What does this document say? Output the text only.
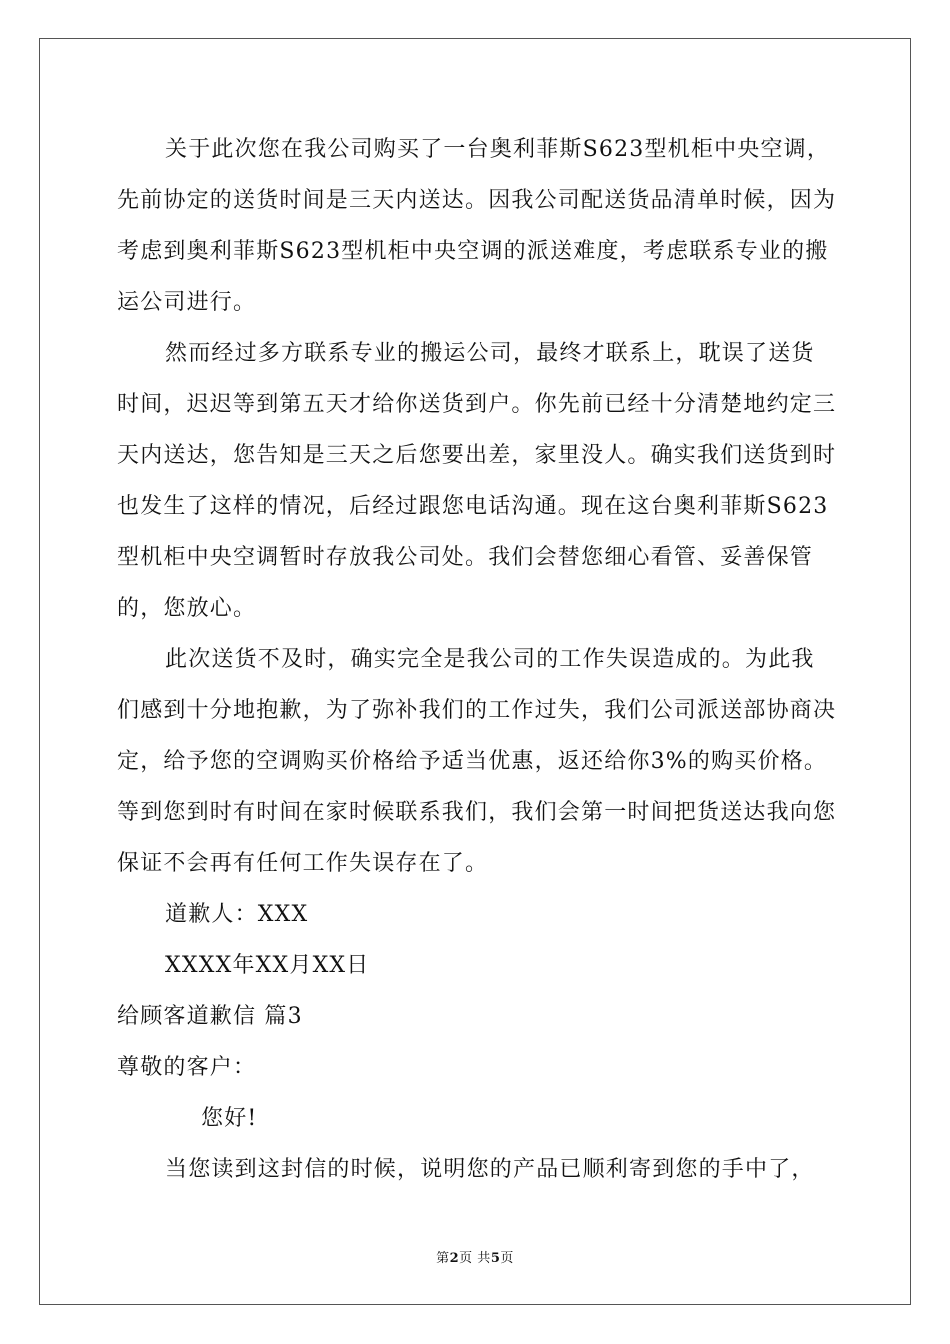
关于此次您在我公司购买了一台奥利菲斯S623型机柜中央空调，先前协定的送货时间是三天内送达。因我公司配送货品清单时候，因为考虑到奥利菲斯S623型机柜中央空调的派送难度，考虑联系专业的搬运公司进行。

然而经过多方联系专业的搬运公司，最终才联系上，耽误了送货时间，迟迟等到第五天才给你送货到户。你先前已经十分清楚地约定三天内送达，您告知是三天之后您要出差，家里没人。确实我们送货到时也发生了这样的情况，后经过跟您电话沟通。现在这台奥利菲斯S623型机柜中央空调暂时存放我公司处。我们会替您细心看管、妥善保管的，您放心。

此次送货不及时，确实完全是我公司的工作失误造成的。为此我们感到十分地抱歉，为了弥补我们的工作过失，我们公司派送部协商决定，给予您的空调购买价格给予适当优惠，返还给你3%的购买价格。等到您到时有时间在家时候联系我们，我们会第一时间把货送达我向您保证不会再有任何工作失误存在了。

道歉人：XXX

XXXX年XX月XX日

给顾客道歉信 篇3

尊敬的客户：

您好!

当您读到这封信的时候，说明您的产品已顺利寄到您的手中了，

第2页 共5页
